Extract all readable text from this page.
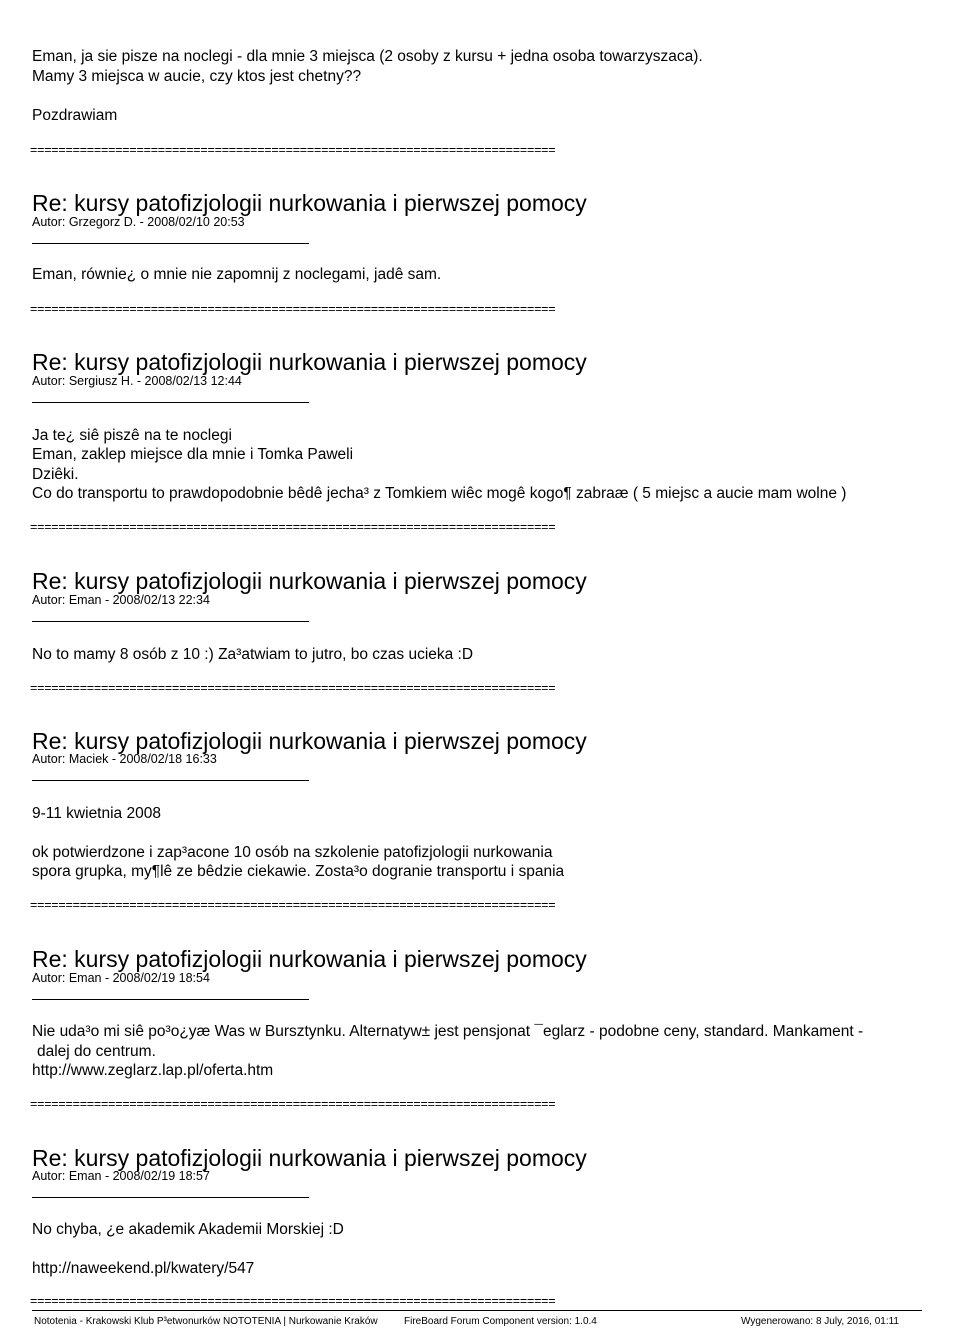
Eman, ja sie pisze na noclegi - dla mnie 3 miejsca (2 osoby z kursu + jedna osoba towarzyszaca).
Mamy 3 miejsca w aucie, czy ktos jest chetny??
Pozdrawiam
==========================================================================
Re: kursy patofizjologii nurkowania i pierwszej pomocy
Autor: Grzegorz D. - 2008/02/10 20:53
Eman, równie¿ o mnie nie zapomnij z noclegami, jadê sam.
==========================================================================
Re: kursy patofizjologii nurkowania i pierwszej pomocy
Autor: Sergiusz H. - 2008/02/13 12:44
Ja te¿ siê piszê na te noclegi
Eman, zaklep miejsce dla mnie i Tomka Paweli
Dziêki.
Co do transportu to prawdopodobnie bêdê jecha³ z Tomkiem wiêc mogê kogo¶ zabraæ ( 5 miejsc a aucie mam wolne )
==========================================================================
Re: kursy patofizjologii nurkowania i pierwszej pomocy
Autor: Eman - 2008/02/13 22:34
No to mamy 8 osób z 10 :) Za³atwiam to jutro, bo czas ucieka :D
==========================================================================
Re: kursy patofizjologii nurkowania i pierwszej pomocy
Autor: Maciek - 2008/02/18 16:33
9-11 kwietnia 2008
ok potwierdzone i zap³acone 10 osób na szkolenie patofizjologii nurkowania
spora grupka, my¶lê ze bêdzie ciekawie. Zosta³o dogranie transportu i spania
==========================================================================
Re: kursy patofizjologii nurkowania i pierwszej pomocy
Autor: Eman - 2008/02/19 18:54
Nie uda³o mi siê po³o¿yæ Was w Bursztynku. Alternatyw± jest pensjonat ¯eglarz - podobne ceny, standard. Mankament -
dalej do centrum.
http://www.zeglarz.lap.pl/oferta.htm
==========================================================================
Re: kursy patofizjologii nurkowania i pierwszej pomocy
Autor: Eman - 2008/02/19 18:57
No chyba, ¿e akademik Akademii Morskiej :D
http://naweekend.pl/kwatery/547
==========================================================================
Nototenia - Krakowski Klub P³etwonurków NOTOTENIA | Nurkowanie Kraków	FireBoard Forum Component version: 1.0.4	Wygenerowano: 8 July, 2016, 01:11
